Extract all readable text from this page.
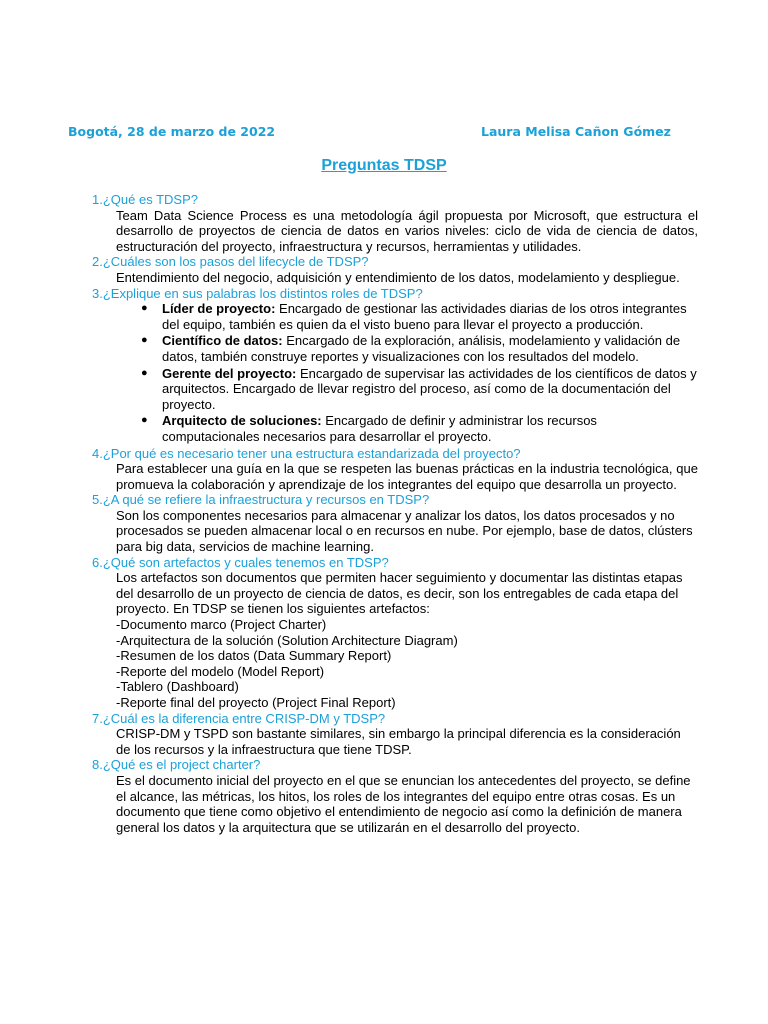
Bogotá, 28 de marzo de 2022	Laura Melisa Cañon Gómez
Preguntas TDSP

1.¿Qué es TDSP?

Team Data Science Process es una metodología ágil propuesta por Microsoft, que estructura el desarrollo de proyectos de ciencia de datos en varios niveles: ciclo de vida de ciencia de datos, estructuración del proyecto, infraestructura y recursos, herramientas y utilidades.

2.¿Cuáles son los pasos del lifecycle de TDSP?

Entendimiento del negocio, adquisición y entendimiento de los datos, modelamiento y despliegue.

3.¿Explique en sus palabras los distintos roles de TDSP?

● Líder de proyecto: Encargado de gestionar las actividades diarias de los otros integrantes del equipo, también es quien da el visto bueno para llevar el proyecto a producción.
● Científico de datos: Encargado de la exploración, análisis, modelamiento y validación de datos, también construye reportes y visualizaciones con los resultados del modelo.
● Gerente del proyecto: Encargado de supervisar las actividades de los científicos de datos y arquitectos. Encargado de llevar registro del proceso, así como de la documentación del proyecto.
● Arquitecto de soluciones: Encargado de definir y administrar los recursos computacionales necesarios para desarrollar el proyecto.

4.¿Por qué es necesario tener una estructura estandarizada del proyecto?

Para establecer una guía en la que se respeten las buenas prácticas en la industria tecnológica, que promueva la colaboración y aprendizaje de los integrantes del equipo que desarrolla un proyecto.

5.¿A qué se refiere la infraestructura y recursos en TDSP?

Son los componentes necesarios para almacenar y analizar los datos, los datos procesados y no procesados se pueden almacenar local o en recursos en nube. Por ejemplo, base de datos, clústers para big data, servicios de machine learning.

6.¿Qué son artefactos y cuales tenemos en TDSP?

Los artefactos son documentos que permiten hacer seguimiento y documentar las distintas etapas del desarrollo de un proyecto de ciencia de datos, es decir, son los entregables de cada etapa del proyecto. En TDSP se tienen los siguientes artefactos:
-Documento marco (Project Charter)
-Arquitectura de la solución (Solution Architecture Diagram)
-Resumen de los datos (Data Summary Report)
-Reporte del modelo (Model Report)
-Tablero (Dashboard)
-Reporte final del proyecto (Project Final Report)

7.¿Cuál es la diferencia entre CRISP-DM y TDSP?

CRISP-DM y TSPD son bastante similares, sin embargo la principal diferencia es la consideración de los recursos y la infraestructura que tiene TDSP.

8.¿Qué es el project charter?

Es el documento inicial del proyecto en el que se enuncian los antecedentes del proyecto, se define el alcance, las métricas, los hitos, los roles de los integrantes del equipo entre otras cosas. Es un documento que tiene como objetivo el entendimiento de negocio así como la definición de manera general los datos y la arquitectura que se utilizarán en el desarrollo del proyecto.
